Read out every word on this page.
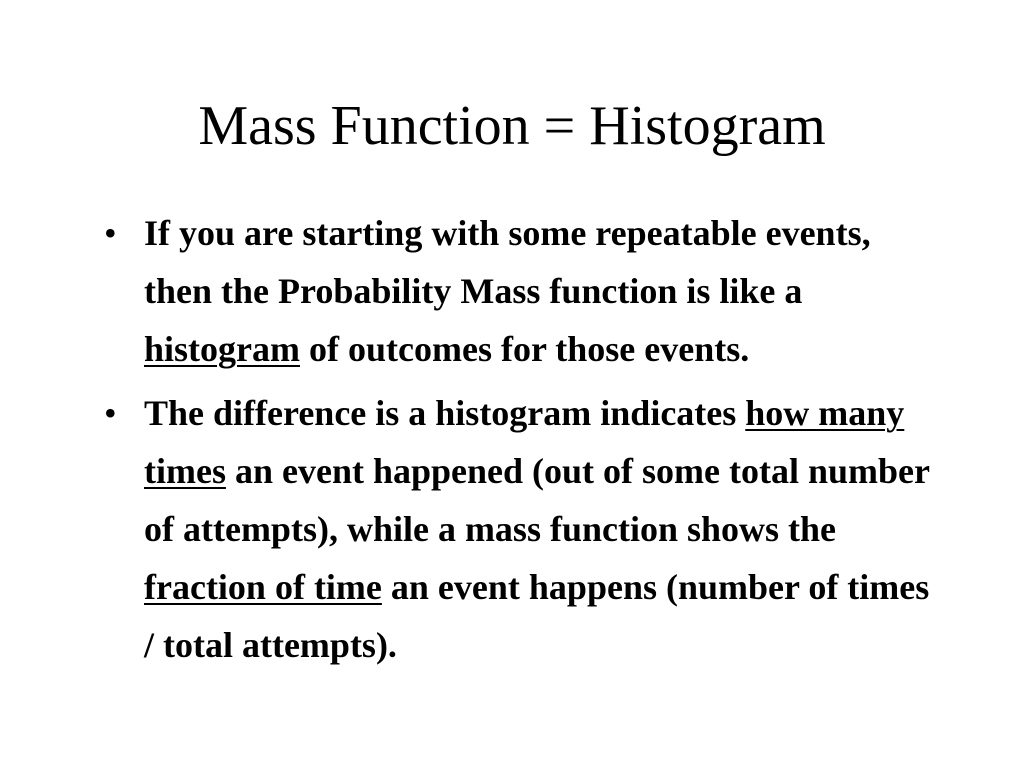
Mass Function = Histogram
• If you are starting with some repeatable events, then the Probability Mass function is like a histogram of outcomes for those events.
• The difference is a histogram indicates how many times an event happened (out of some total number of attempts), while a mass function shows the fraction of time an event happens (number of times / total attempts).
